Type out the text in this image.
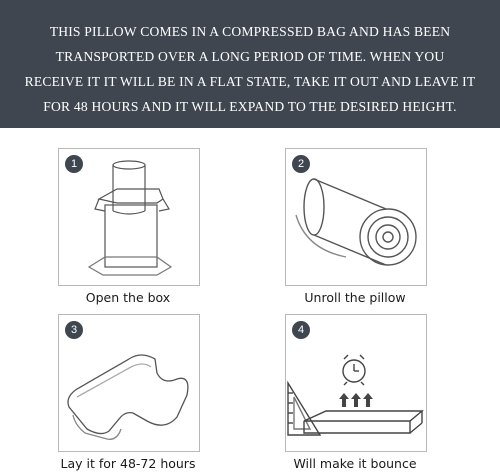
THIS PILLOW COMES IN A COMPRESSED BAG AND HAS BEEN
TRANSPORTED OVER A LONG PERIOD OF TIME. WHEN YOU
RECEIVE IT IT WILL BE IN A FLAT STATE, TAKE IT OUT AND LEAVE IT
FOR 48 HOURS AND IT WILL EXPAND TO THE DESIRED HEIGHT.
1
Open the box
2
Unroll the pillow
3
Lay it for 48-72 hours
4
Will make it bounce
